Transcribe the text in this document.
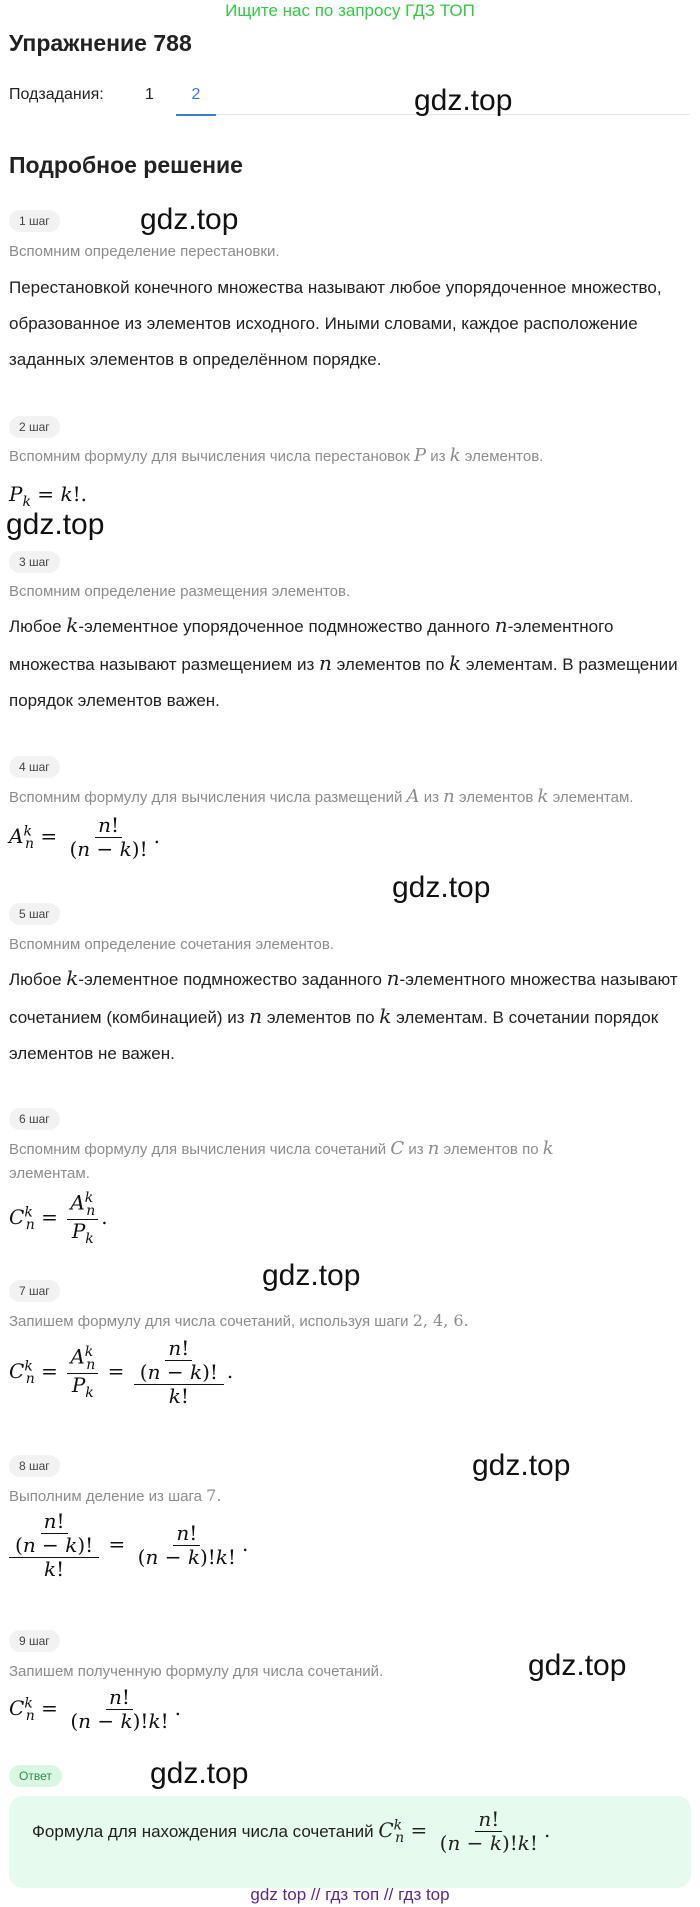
Ищите нас по запросу ГДЗ ТОП
Упражнение 788
Подзадания:	1	2	gdz.top
Подробное решение
1 шаг	gdz.top
Вспомним определение перестановки.
Перестановкой конечного множества называют любое упорядоченное множество, образованное из элементов исходного. Иными словами, каждое расположение заданных элементов в определённом порядке.
2 шаг
Вспомним формулу для вычисления числа перестановок P из k элементов.
$P_k = k$!.
gdz.top
3 шаг
Вспомним определение размещения элементов.
Любое k-элементное упорядоченное подмножество данного n-элементного множества называют размещением из n элементов по k элементам. В размещении порядок элементов важен.
4 шаг
Вспомним формулу для вычисления числа размещений A из n элементов k элементам.
$A^k_n = \frac{n!}{(n - k)!}$ .
gdz.top
5 шаг
Вспомним определение сочетания элементов.
Любое k-элементное подмножество заданного n-элементного множества называют сочетанием (комбинацией) из n элементов по k элементам. В сочетании порядок элементов не важен.
6 шаг
Вспомним формулу для вычисления числа сочетаний C из n элементов по k элементам.
$C^k_n = \frac{A^k_n}{P_k}$ .
gdz.top
7 шаг
Запишем формулу для числа сочетаний, используя шаги 2, 4, 6.
$C^k_n = \frac{A^k_n}{P_k} = \frac{\frac{n!}{(n - k)!}}{k!}$ .
gdz.top
8 шаг
Выполним деление из шага 7.
$\frac{\frac{n!}{(n - k)!}}{k!} = \frac{n!}{(n - k)!k!}$ .
9 шаг
gdz.top
Запишем полученную формулу для числа сочетаний.
$C^k_n = \frac{n!}{(n - k)!k!}$ .
Ответ	gdz.top
Формула для нахождения числа сочетаний $C^k_n = \frac{n!}{(n - k)!k!}$ .
gdz top // гдз топ // гдз top
